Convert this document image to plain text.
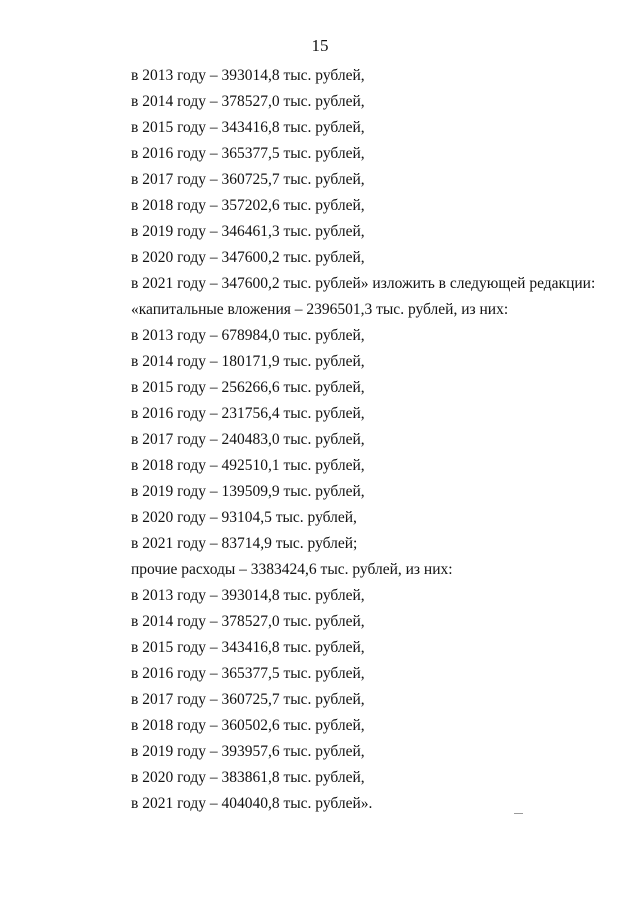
15
в 2013 году – 393014,8 тыс. рублей,
в 2014 году – 378527,0 тыс. рублей,
в 2015 году – 343416,8 тыс. рублей,
в 2016 году – 365377,5 тыс. рублей,
в 2017 году – 360725,7 тыс. рублей,
в 2018 году – 357202,6 тыс. рублей,
в 2019 году – 346461,3 тыс. рублей,
в 2020 году – 347600,2 тыс. рублей,
в 2021 году – 347600,2 тыс. рублей» изложить в следующей редакции:
«капитальные вложения – 2396501,3 тыс. рублей, из них:
в 2013 году – 678984,0 тыс. рублей,
в 2014 году – 180171,9 тыс. рублей,
в 2015 году – 256266,6 тыс. рублей,
в 2016 году – 231756,4 тыс. рублей,
в 2017 году – 240483,0 тыс. рублей,
в 2018 году – 492510,1 тыс. рублей,
в 2019 году – 139509,9 тыс. рублей,
в 2020 году – 93104,5 тыс. рублей,
в 2021 году – 83714,9 тыс. рублей;
прочие расходы – 3383424,6 тыс. рублей, из них:
в 2013 году – 393014,8 тыс. рублей,
в 2014 году – 378527,0 тыс. рублей,
в 2015 году – 343416,8 тыс. рублей,
в 2016 году – 365377,5 тыс. рублей,
в 2017 году – 360725,7 тыс. рублей,
в 2018 году – 360502,6 тыс. рублей,
в 2019 году – 393957,6 тыс. рублей,
в 2020 году – 383861,8 тыс. рублей,
в 2021 году – 404040,8 тыс. рублей».
